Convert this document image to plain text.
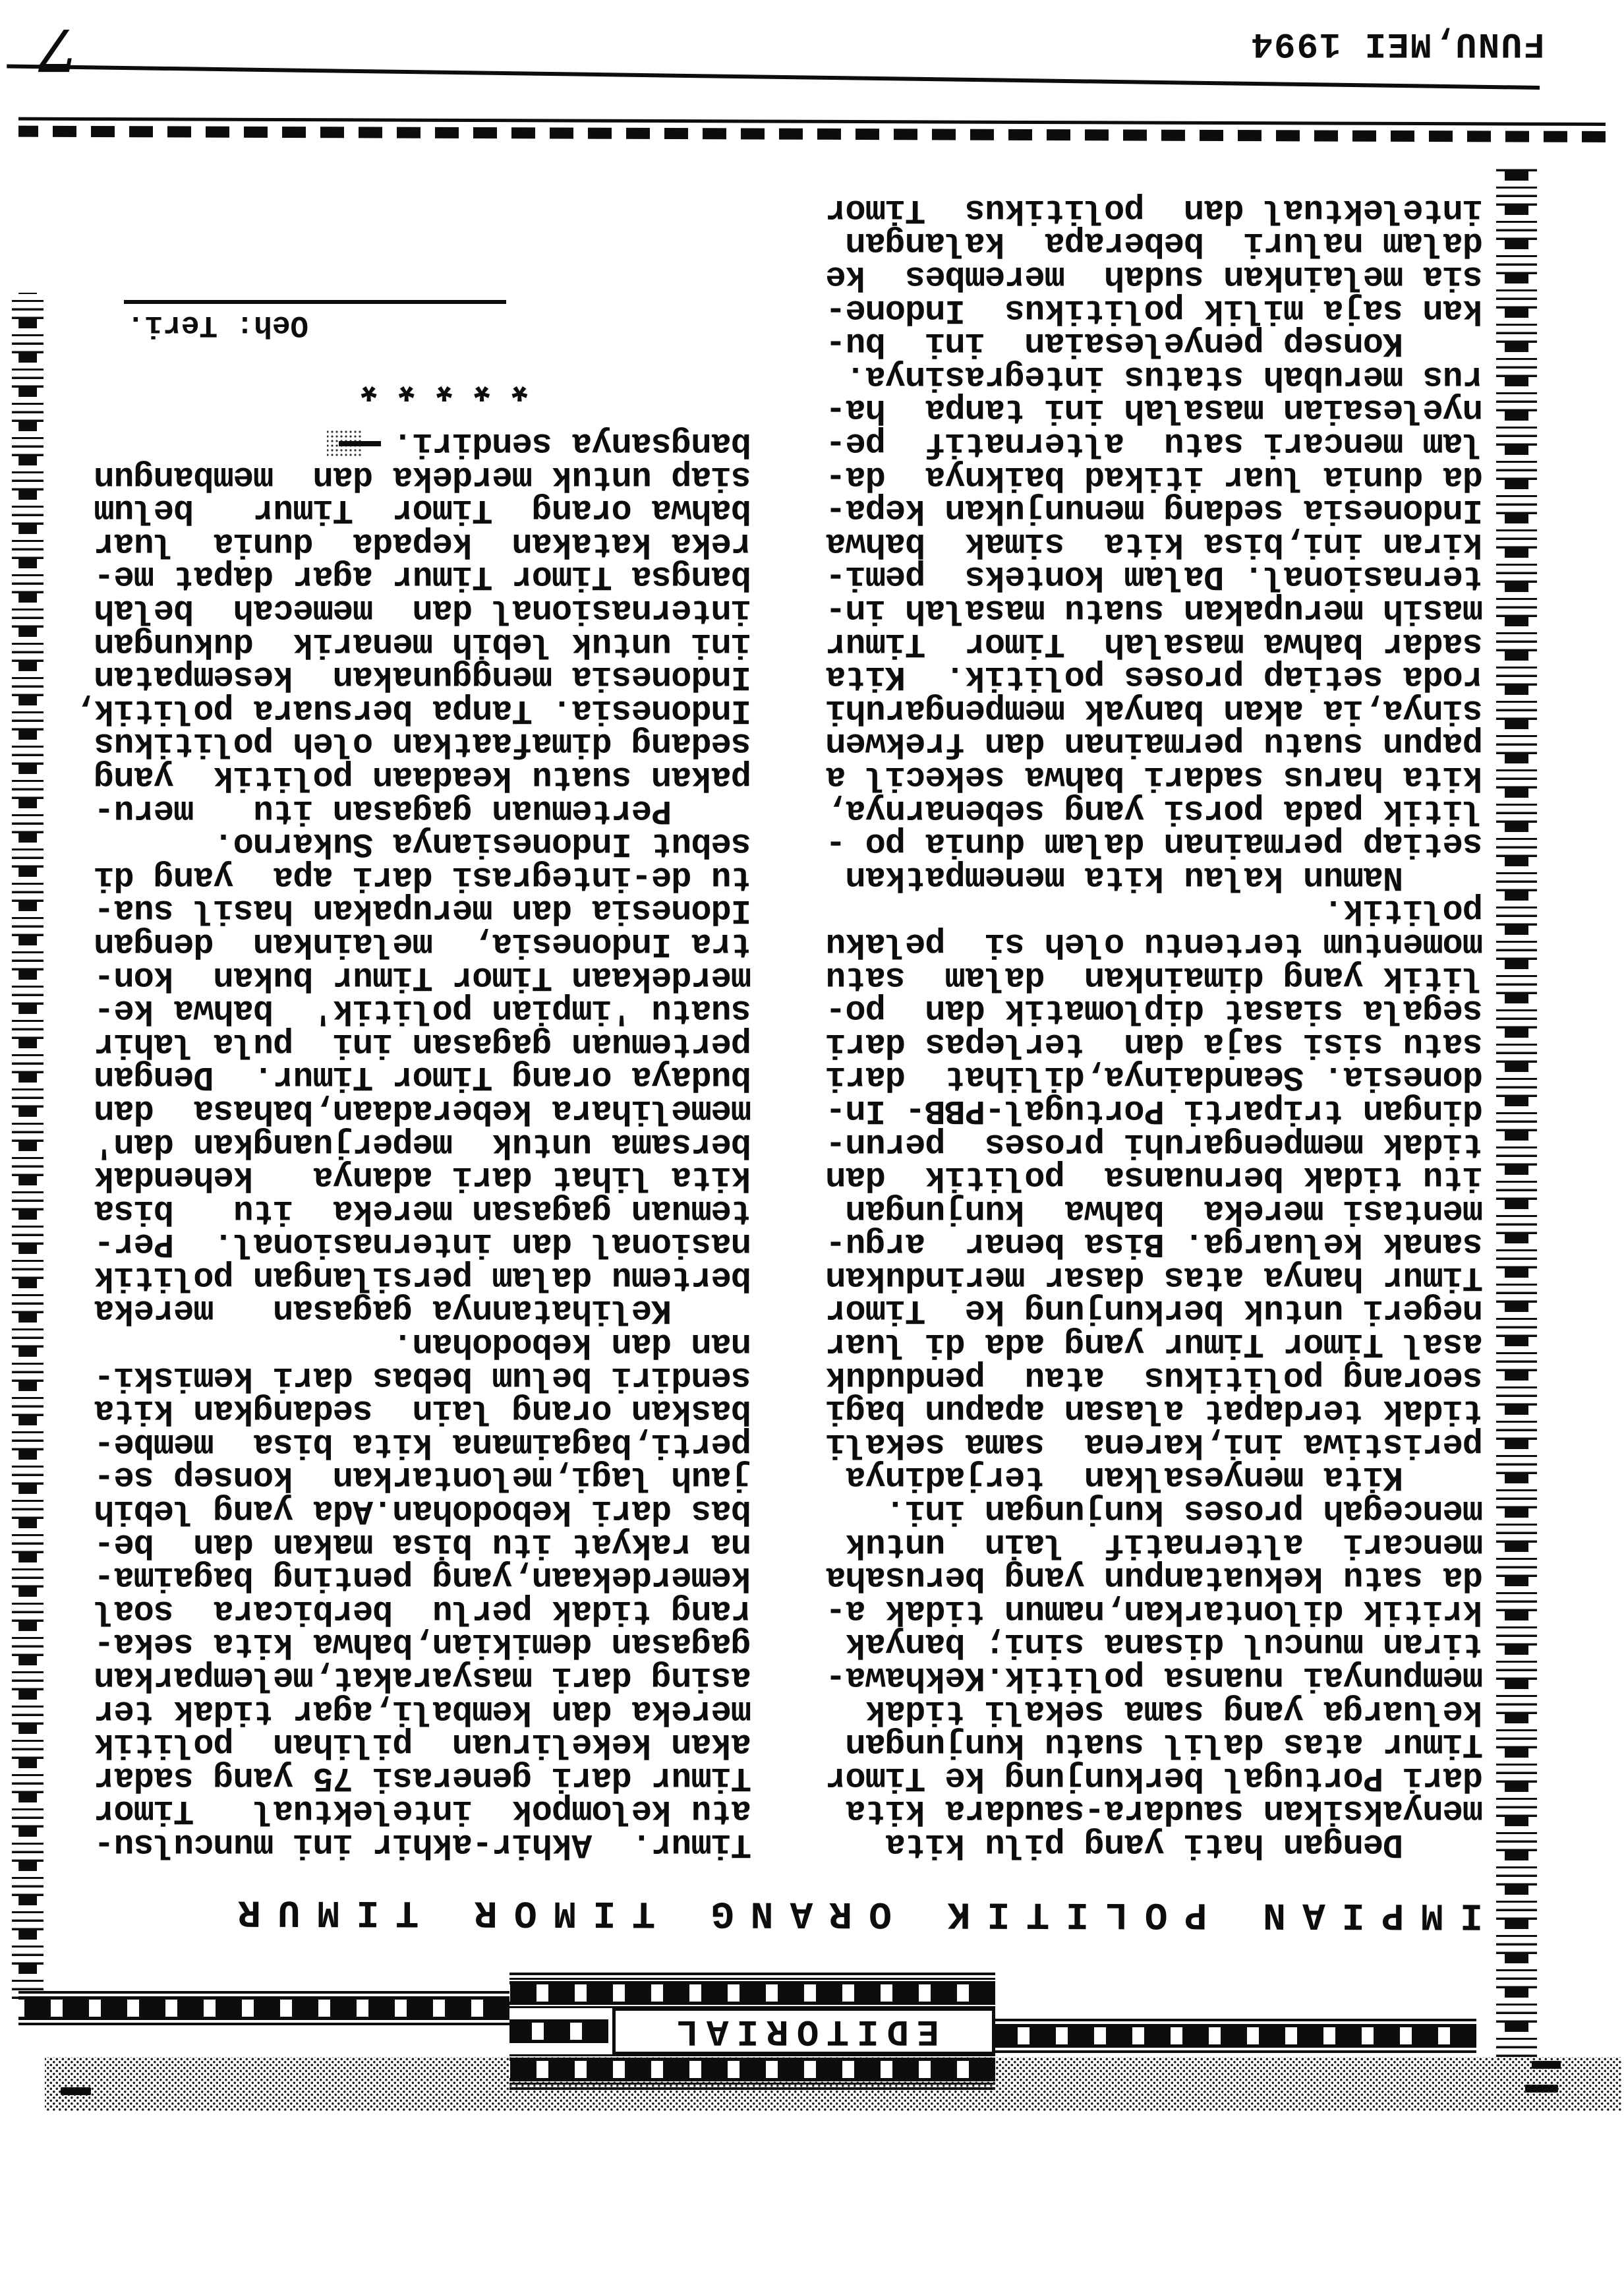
EDITORIAL
IMPIAN POLITIK ORANG TIMOR TIMUR
Dengan hati yang pilu kita
menyaksikan saudara-saudara kita
dari Portugal berkunjung ke Timor
Timur atas dalil suatu kunjungan
keluarga yang sama sekali tidak
mempunyai nuansa politik.Kekhawa-
tiran muncul disana sini; banyak
kritik dilontarkan,namun tidak a-
da satu kekuatanpun yang berusaha
mencari  alternatif  lain  untuk
mencegah proses kunjungan ini.
Kita menyesalkan  terjadinya
peristiwa ini,karena  sama sekali
tidak terdapat alasan apapun bagi
seorang politikus  atau  penduduk
asal Timor Timur yang ada di luar
negeri untuk berkunjung ke  Timor
Timur hanya atas dasar merindukan
sanak keluarga. Bisa benar  argu-
mentasi mereka  bahwa  kunjungan
itu tidak bernuansa  politik  dan
tidak mempengaruhi proses  perun-
dingan triparti Portugal-PBB- In-
donesia. Seandainya,dilihat  dari
satu sisi saja dan  terlepas dari
segala siasat diplomatik dan  po-
litik yang dimainkan  dalam  satu
momentum tertentu oleh si  pelaku
politik.
Namun kalau kita menempatkan
setiap permainan dalam dunia po -
litik pada porsi yang sebenarnya,
kita harus sadari bahwa sekecil a
papun suatu permainan dan frekwen
sinya,ia akan banyak mempengaruhi
roda setiap proses politik.  Kita
sadar bahwa masalah  Timor  Timur
masih merupakan suatu masalah in-
ternasional. Dalam konteks  pemi-
kiran ini,bisa kita  simak  bahwa
Indonesia sedang menunjukan kepa-
da dunia luar itikad baiknya  da-
lam mencari satu  alternatif  pe-
nyelesaian masalah ini tanpa  ha-
rus merubah status integrasinya.
Konsep penyelesaian  ini  bu-
kan saja milik politikus  Indone-
sia melainkan sudah  merembes  ke
dalam naluri  beberapa  kalangan
intelektual dan  politikus  Timor
Timur.  Akhir-akhir ini munculsu-
atu kelompok  intelektual   Timor
Timur dari generasi 75 yang sadar
akan kekeliruan  pilihan  politik
mereka dan kembali,agar tidak ter
asing dari masyarakat,melemparkan
gagasan demikian,bahwa kita seka-
rang tidak perlu  berbicara  soal
kemerdekaan,yang penting bagaima-
na rakyat itu bisa makan dan  be-
bas dari kebodohan.Ada yang lebih
jauh lagi,melontarkan  konsep se-
perti,bagaimana kita bisa  membe-
baskan orang lain  sedangkan kita
sendiri belum bebas dari kemiski-
nan dan kebodohan.
Kelihatannya gagasan   mereka
bertemu dalam persilangan politik
nasional dan internasional.  Per-
temuan gagasan mereka  itu   bisa
kita lihat dari adanya   kehendak
bersama untuk  meperjuangkan dan'
memelihara keberadaan,bahasa  dan
budaya orang Timor Timur.  Dengan
pertemuan gagasan ini  pula lahir
suatu 'impian politik'  bahwa ke-
merdekaan Timor Timur bukan  kon-
tra Indonesia,  melainkan  dengan
Idonesia dan merupakan hasil sua-
tu de-integrasi dari apa  yang di
sebut Indonesianya Sukarno.
Pertemuan gagasan itu   meru-
pakan suatu keadaan politik  yang
sedang dimafaatkan oleh politikus
Indonesia. Tanpa bersuara politik,
Indonesia menggunakan  kesempatan
ini untuk lebih menarik  dukungan
internasional dan  memecah  belah
bangsa Timor Timur agar dapat me-
reka katakan  kepada  dunia  luar
bahwa orang  Timor  Timur   belum
siap untuk merdeka dan  membangun
bangsanya sendiri.
*****
Oeh: Teri.
FUNU,MEI 1994
7
